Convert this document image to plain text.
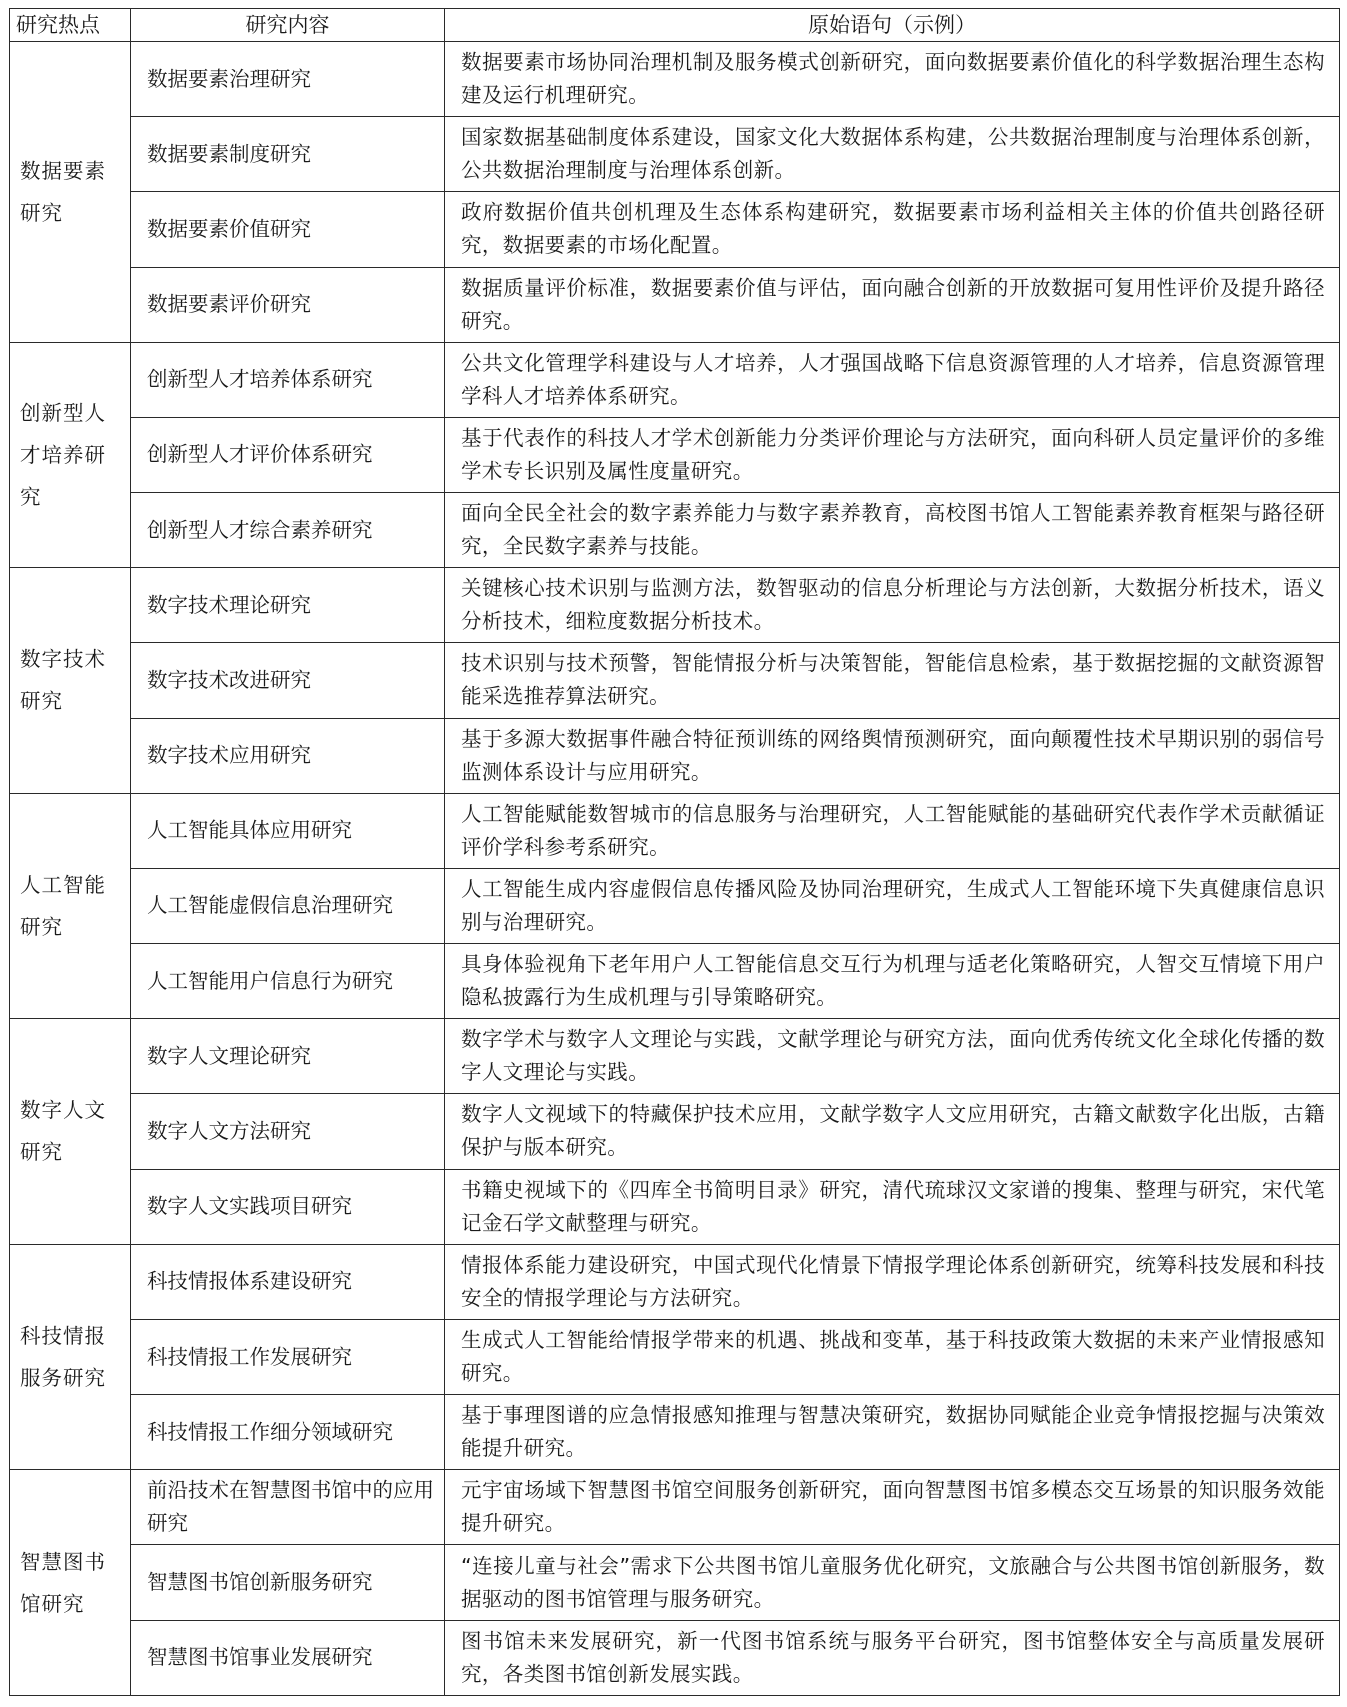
研究热点	研究内容	原始语句（示例）
数据要素研究	数据要素治理研究	数据要素市场协同治理机制及服务模式创新研究，面向数据要素价值化的科学数据治理生态构建及运行机理研究。
	数据要素制度研究	国家数据基础制度体系建设，国家文化大数据体系构建，公共数据治理制度与治理体系创新，公共数据治理制度与治理体系创新。
	数据要素价值研究	政府数据价值共创机理及生态体系构建研究，数据要素市场利益相关主体的价值共创路径研究，数据要素的市场化配置。
	数据要素评价研究	数据质量评价标准，数据要素价值与评估，面向融合创新的开放数据可复用性评价及提升路径研究。
创新型人才培养研究	创新型人才培养体系研究	公共文化管理学科建设与人才培养，人才强国战略下信息资源管理的人才培养，信息资源管理学科人才培养体系研究。
	创新型人才评价体系研究	基于代表作的科技人才学术创新能力分类评价理论与方法研究，面向科研人员定量评价的多维学术专长识别及属性度量研究。
	创新型人才综合素养研究	面向全民全社会的数字素养能力与数字素养教育，高校图书馆人工智能素养教育框架与路径研究，全民数字素养与技能。
数字技术研究	数字技术理论研究	关键核心技术识别与监测方法，数智驱动的信息分析理论与方法创新，大数据分析技术，语义分析技术，细粒度数据分析技术。
	数字技术改进研究	技术识别与技术预警，智能情报分析与决策智能，智能信息检索，基于数据挖掘的文献资源智能采选推荐算法研究。
	数字技术应用研究	基于多源大数据事件融合特征预训练的网络舆情预测研究，面向颠覆性技术早期识别的弱信号监测体系设计与应用研究。
人工智能研究	人工智能具体应用研究	人工智能赋能数智城市的信息服务与治理研究，人工智能赋能的基础研究代表作学术贡献循证评价学科参考系研究。
	人工智能虚假信息治理研究	人工智能生成内容虚假信息传播风险及协同治理研究，生成式人工智能环境下失真健康信息识别与治理研究。
	人工智能用户信息行为研究	具身体验视角下老年用户人工智能信息交互行为机理与适老化策略研究，人智交互情境下用户隐私披露行为生成机理与引导策略研究。
数字人文研究	数字人文理论研究	数字学术与数字人文理论与实践，文献学理论与研究方法，面向优秀传统文化全球化传播的数字人文理论与实践。
	数字人文方法研究	数字人文视域下的特藏保护技术应用，文献学数字人文应用研究，古籍文献数字化出版，古籍保护与版本研究。
	数字人文实践项目研究	书籍史视域下的《四库全书简明目录》研究，清代琉球汉文家谱的搜集、整理与研究，宋代笔记金石学文献整理与研究。
科技情报服务研究	科技情报体系建设研究	情报体系能力建设研究，中国式现代化情景下情报学理论体系创新研究，统筹科技发展和科技安全的情报学理论与方法研究。
	科技情报工作发展研究	生成式人工智能给情报学带来的机遇、挑战和变革，基于科技政策大数据的未来产业情报感知研究。
	科技情报工作细分领域研究	基于事理图谱的应急情报感知推理与智慧决策研究，数据协同赋能企业竞争情报挖掘与决策效能提升研究。
智慧图书馆研究	前沿技术在智慧图书馆中的应用研究	元宇宙场域下智慧图书馆空间服务创新研究，面向智慧图书馆多模态交互场景的知识服务效能提升研究。
	智慧图书馆创新服务研究	“连接儿童与社会”需求下公共图书馆儿童服务优化研究，文旅融合与公共图书馆创新服务，数据驱动的图书馆管理与服务研究。
	智慧图书馆事业发展研究	图书馆未来发展研究，新一代图书馆系统与服务平台研究，图书馆整体安全与高质量发展研究，各类图书馆创新发展实践。
